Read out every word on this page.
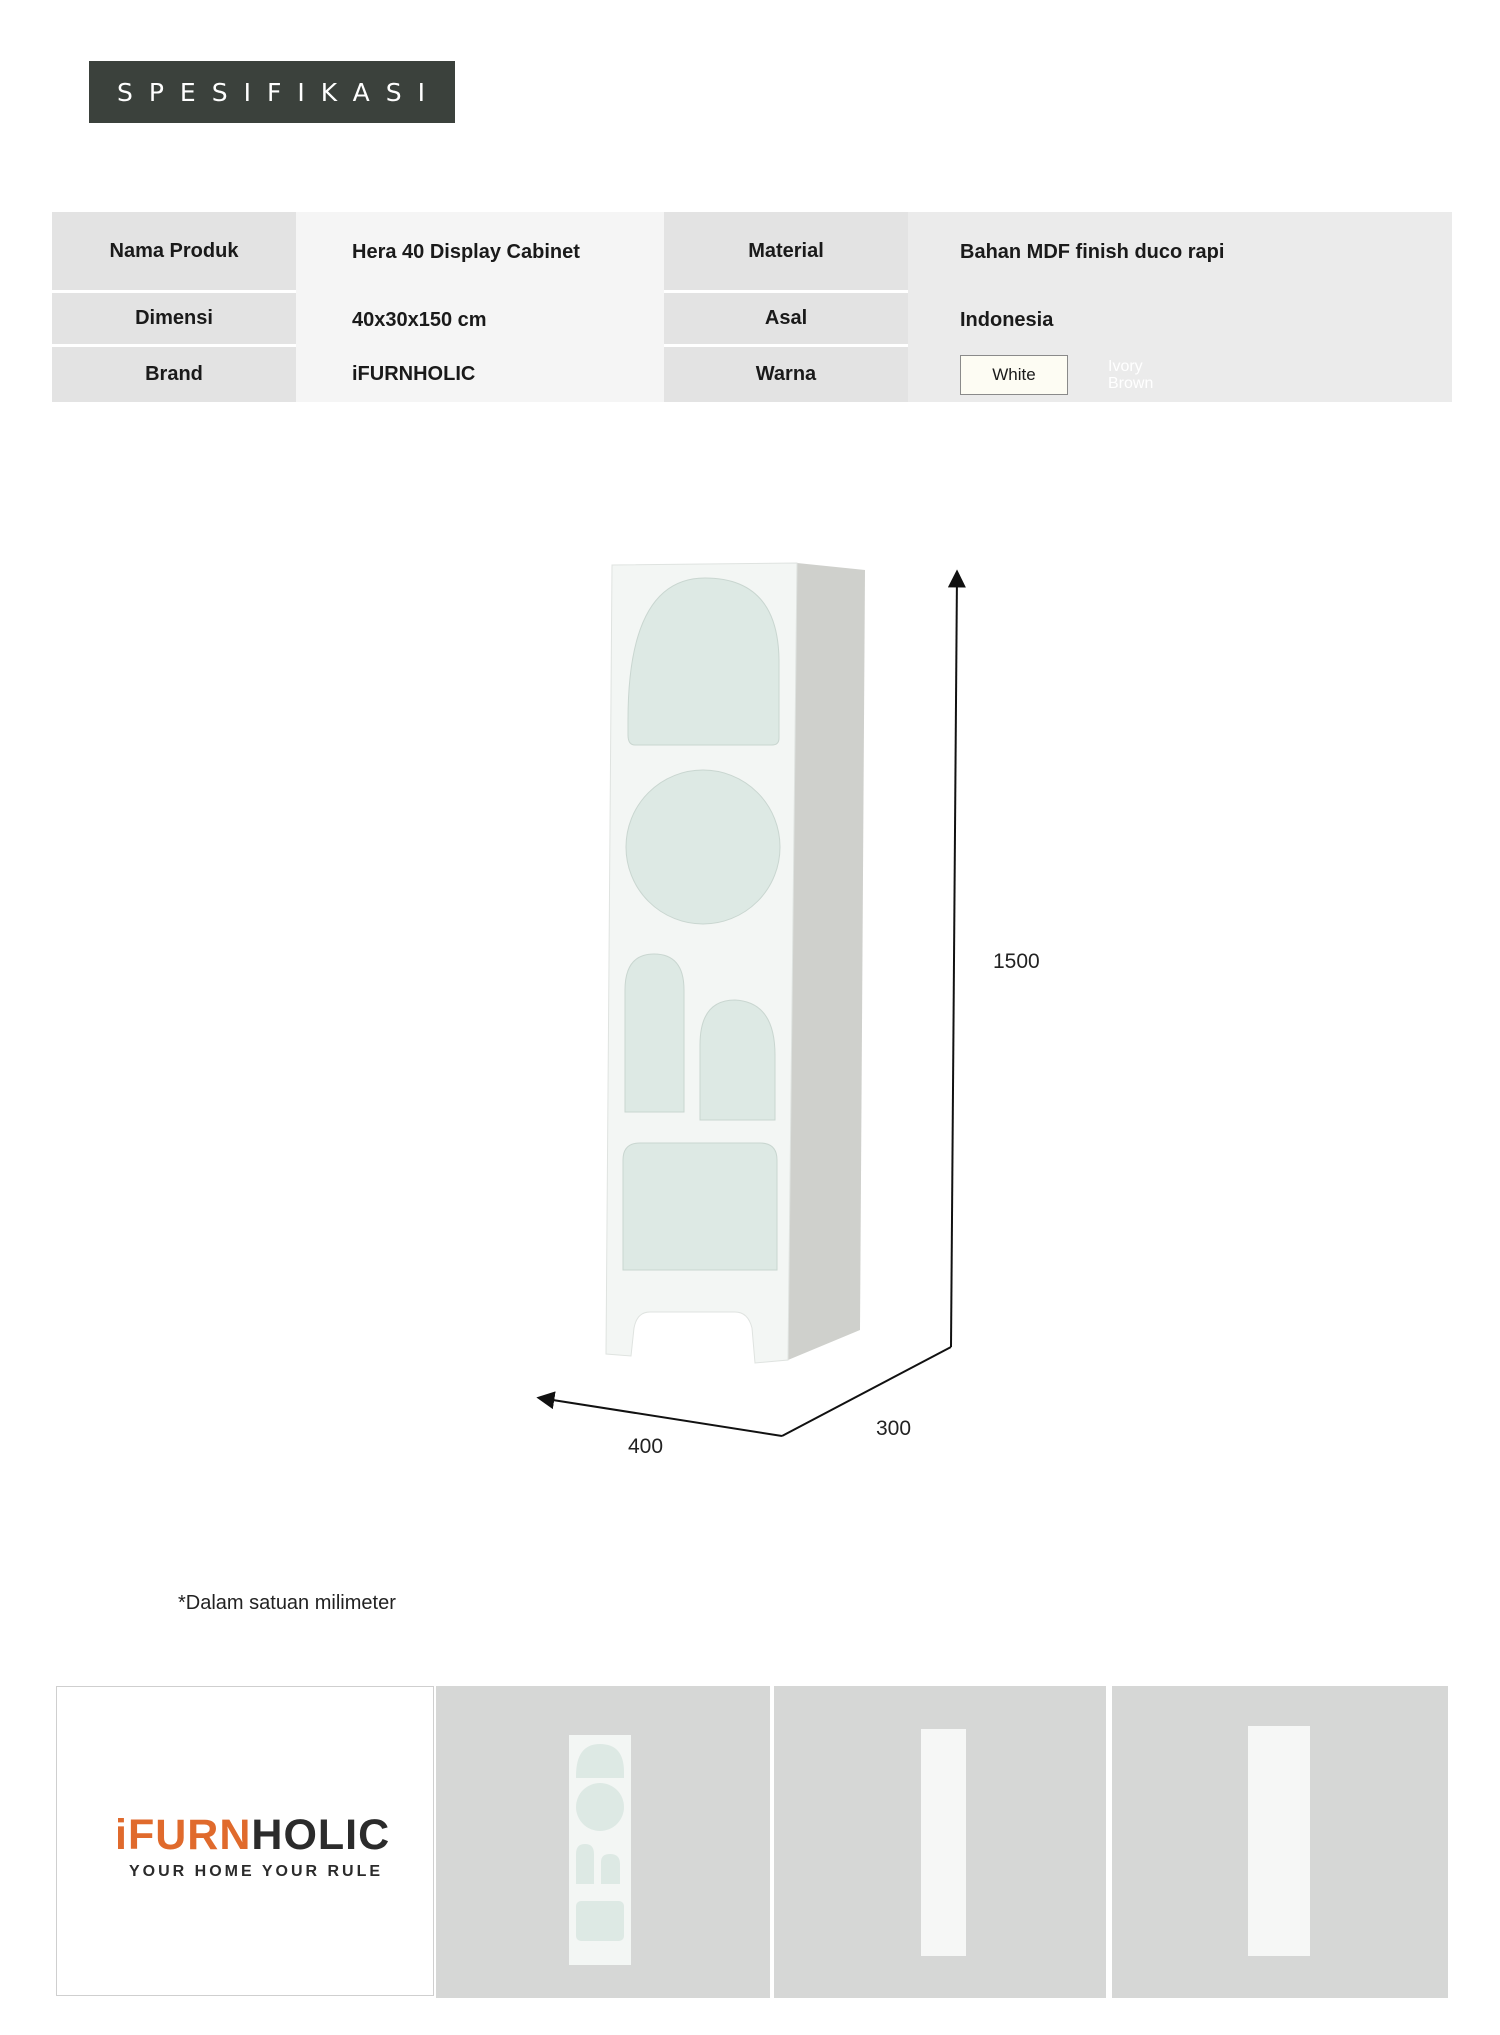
SPESIFIKASI
Nama Produk	Hera 40 Display Cabinet	Material	Bahan MDF finish duco rapi
Dimensi	40x30x150 cm	Asal	Indonesia
Brand	iFURNHOLIC	Warna	White	Ivory
Brown
1500
300
400
*Dalam satuan milimeter
iFURNHOLIC
YOUR HOME YOUR RULE
